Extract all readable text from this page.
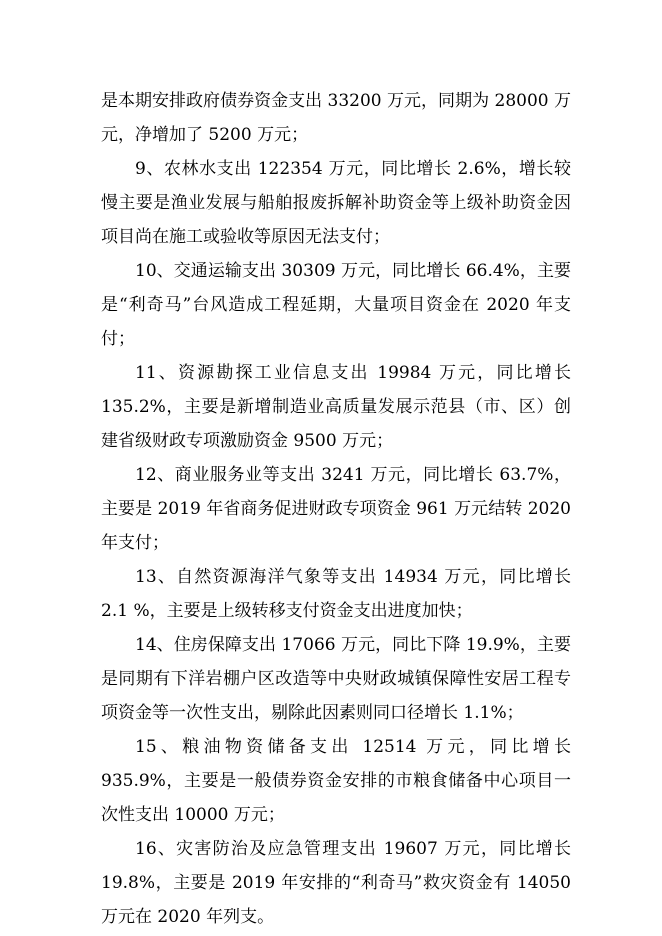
是本期安排政府债券资金支出 33200 万元，同期为 28000 万元，净增加了 5200 万元；

9、农林水支出 122354 万元，同比增长 2.6%，增长较慢主要是渔业发展与船舶报废拆解补助资金等上级补助资金因项目尚在施工或验收等原因无法支付；

10、交通运输支出 30309 万元，同比增长 66.4%，主要是“利奇马”台风造成工程延期，大量项目资金在 2020 年支付；

11、资源勘探工业信息支出 19984 万元，同比增长 135.2%，主要是新增制造业高质量发展示范县（市、区）创建省级财政专项激励资金 9500 万元；

12、商业服务业等支出 3241 万元，同比增长 63.7%，主要是 2019 年省商务促进财政专项资金 961 万元结转 2020 年支付；

13、自然资源海洋气象等支出 14934 万元，同比增长 2.1 %，主要是上级转移支付资金支出进度加快；

14、住房保障支出 17066 万元，同比下降 19.9%，主要是同期有下洋岩棚户区改造等中央财政城镇保障性安居工程专项资金等一次性支出，剔除此因素则同口径增长 1.1%；

15、粮油物资储备支出 12514 万元，同比增长 935.9%，主要是一般债券资金安排的市粮食储备中心项目一次性支出 10000 万元；

16、灾害防治及应急管理支出 19607 万元，同比增长 19.8%，主要是 2019 年安排的“利奇马”救灾资金有 14050 万元在 2020 年列支。
